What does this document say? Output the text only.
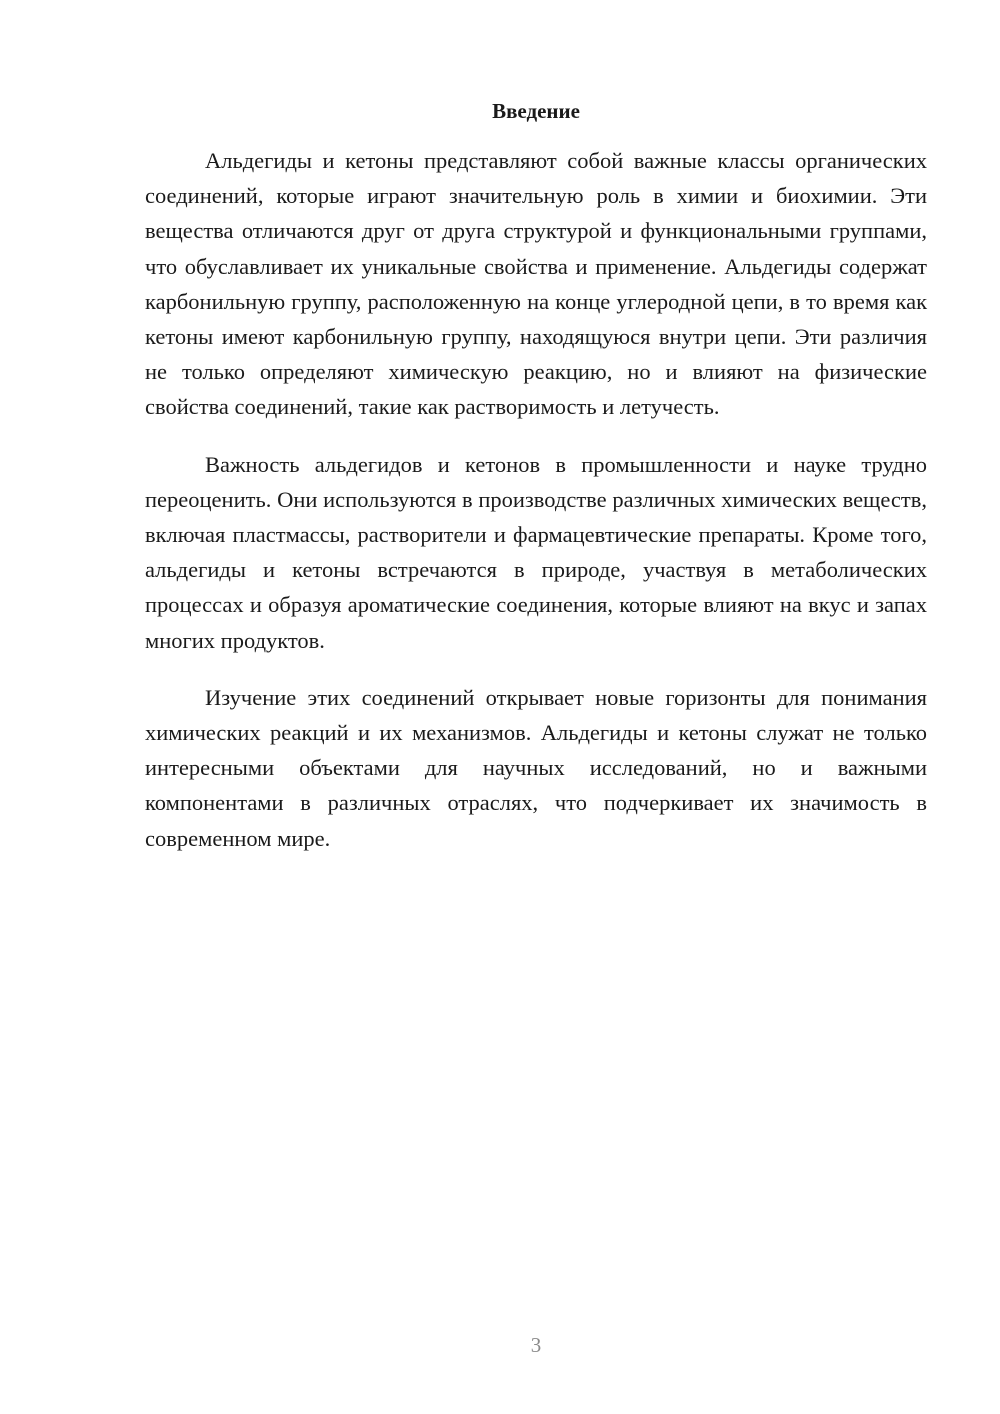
Введение

Альдегиды и кетоны представляют собой важные классы органических соединений, которые играют значительную роль в химии и биохимии. Эти вещества отличаются друг от друга структурой и функциональными группами, что обуславливает их уникальные свойства и применение. Альдегиды содержат карбонильную группу, расположенную на конце углеродной цепи, в то время как кетоны имеют карбонильную группу, находящуюся внутри цепи. Эти различия не только определяют химическую реакцию, но и влияют на физические свойства соединений, такие как растворимость и летучесть.

Важность альдегидов и кетонов в промышленности и науке трудно переоценить. Они используются в производстве различных химических веществ, включая пластмассы, растворители и фармацевтические препараты. Кроме того, альдегиды и кетоны встречаются в природе, участвуя в метаболических процессах и образуя ароматические соединения, которые влияют на вкус и запах многих продуктов.

Изучение этих соединений открывает новые горизонты для понимания химических реакций и их механизмов. Альдегиды и кетоны служат не только интересными объектами для научных исследований, но и важными компонентами в различных отраслях, что подчеркивает их значимость в современном мире.

3
